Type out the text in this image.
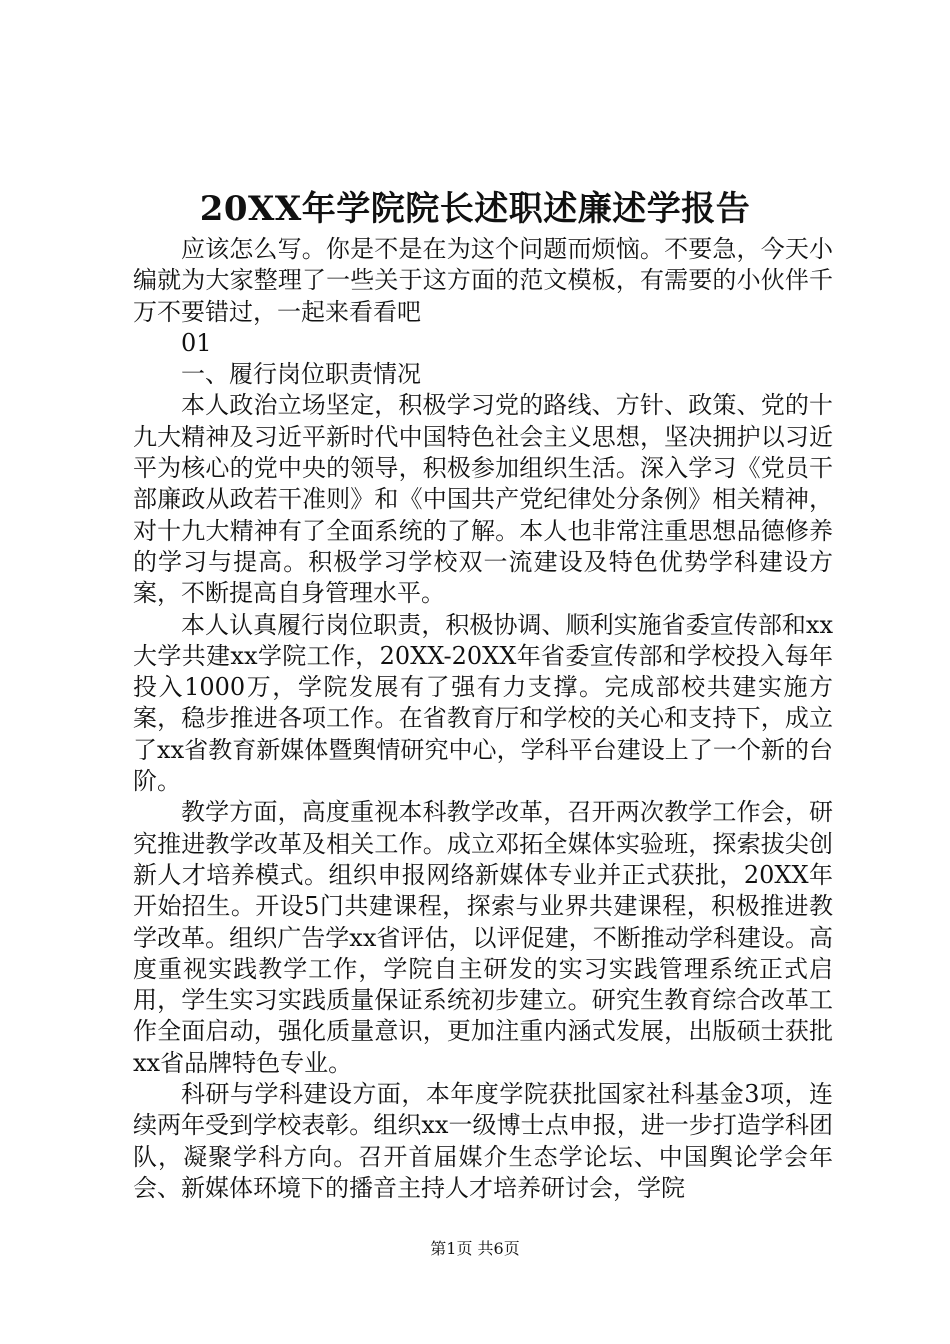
20XX年学院院长述职述廉述学报告

应该怎么写。你是不是在为这个问题而烦恼。不要急，今天小编就为大家整理了一些关于这方面的范文模板，有需要的小伙伴千万不要错过，一起来看看吧

01

一、履行岗位职责情况

本人政治立场坚定，积极学习党的路线、方针、政策、党的十九大精神及习近平新时代中国特色社会主义思想，坚决拥护以习近平为核心的党中央的领导，积极参加组织生活。深入学习《党员干部廉政从政若干准则》和《中国共产党纪律处分条例》相关精神，对十九大精神有了全面系统的了解。本人也非常注重思想品德修养的学习与提高。积极学习学校双一流建设及特色优势学科建设方案，不断提高自身管理水平。

本人认真履行岗位职责，积极协调、顺利实施省委宣传部和xx大学共建xx学院工作，20XX-20XX年省委宣传部和学校投入每年投入1000万，学院发展有了强有力支撑。完成部校共建实施方案，稳步推进各项工作。在省教育厅和学校的关心和支持下，成立了xx省教育新媒体暨舆情研究中心，学科平台建设上了一个新的台阶。

教学方面，高度重视本科教学改革，召开两次教学工作会，研究推进教学改革及相关工作。成立邓拓全媒体实验班，探索拔尖创新人才培养模式。组织申报网络新媒体专业并正式获批，20XX年开始招生。开设5门共建课程，探索与业界共建课程，积极推进教学改革。组织广告学xx省评估，以评促建，不断推动学科建设。高度重视实践教学工作，学院自主研发的实习实践管理系统正式启用，学生实习实践质量保证系统初步建立。研究生教育综合改革工作全面启动，强化质量意识，更加注重内涵式发展，出版硕士获批xx省品牌特色专业。

科研与学科建设方面，本年度学院获批国家社科基金3项，连续两年受到学校表彰。组织xx一级博士点申报，进一步打造学科团队，凝聚学科方向。召开首届媒介生态学论坛、中国舆论学会年会、新媒体环境下的播音主持人才培养研讨会，学院

第1页 共6页
